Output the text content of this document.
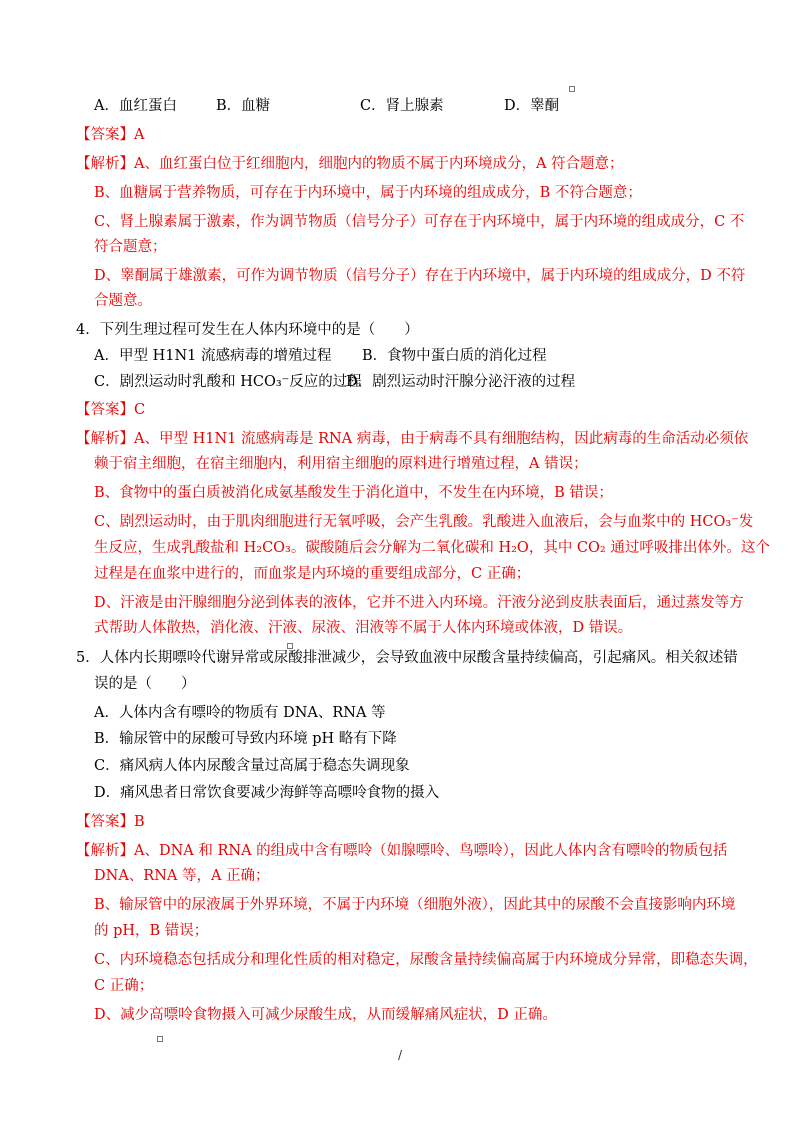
A．血红蛋白	B．血糖	C．肾上腺素	D．睾酮
【答案】A
【解析】A、血红蛋白位于红细胞内，细胞内的物质不属于内环境成分，A 符合题意；
B、血糖属于营养物质，可存在于内环境中，属于内环境的组成成分，B 不符合题意；
C、肾上腺素属于激素，作为调节物质（信号分子）可存在于内环境中，属于内环境的组成成分，C 不
符合题意；
D、睾酮属于雄激素，可作为调节物质（信号分子）存在于内环境中，属于内环境的组成成分，D 不符
合题意。
4．下列生理过程可发生在人体内环境中的是（　　）
A．甲型 H1N1 流感病毒的增殖过程 B．食物中蛋白质的消化过程
C．剧烈运动时乳酸和 HCO₃⁻反应的过程
D．剧烈运动时汗腺分泌汗液的过程
【答案】C
【解析】A、甲型 H1N1 流感病毒是 RNA 病毒，由于病毒不具有细胞结构，因此病毒的生命活动必须依
赖于宿主细胞，在宿主细胞内，利用宿主细胞的原料进行增殖过程，A 错误；
B、食物中的蛋白质被消化成氨基酸发生于消化道中，不发生在内环境，B 错误；
C、剧烈运动时，由于肌肉细胞进行无氧呼吸，会产生乳酸。乳酸进入血液后，会与血浆中的 HCO₃⁻发
生反应，生成乳酸盐和 H₂CO₃。碳酸随后会分解为二氧化碳和 H₂O，其中 CO₂ 通过呼吸排出体外。这个
过程是在血浆中进行的，而血浆是内环境的重要组成部分，C 正确；
D、汗液是由汗腺细胞分泌到体表的液体，它并不进入内环境。汗液分泌到皮肤表面后，通过蒸发等方
式帮助人体散热，消化液、汗液、尿液、泪液等不属于人体内环境或体液，D 错误。
5．人体内长期嘌呤代谢异常或尿酸排泄减少，会导致血液中尿酸含量持续偏高，引起痛风。相关叙述错
误的是（　　）
A．人体内含有嘌呤的物质有 DNA、RNA 等
B．输尿管中的尿酸可导致内环境 pH 略有下降
C．痛风病人体内尿酸含量过高属于稳态失调现象
D．痛风患者日常饮食要减少海鲜等高嘌呤食物的摄入
【答案】B
【解析】A、DNA 和 RNA 的组成中含有嘌呤（如腺嘌呤、鸟嘌呤），因此人体内含有嘌呤的物质包括
DNA、RNA 等，A 正确；
B、输尿管中的尿液属于外界环境，不属于内环境（细胞外液），因此其中的尿酸不会直接影响内环境
的 pH，B 错误；
C、内环境稳态包括成分和理化性质的相对稳定，尿酸含量持续偏高属于内环境成分异常，即稳态失调，
C 正确；
D、减少高嘌呤食物摄入可减少尿酸生成，从而缓解痛风症状，D 正确。
/
